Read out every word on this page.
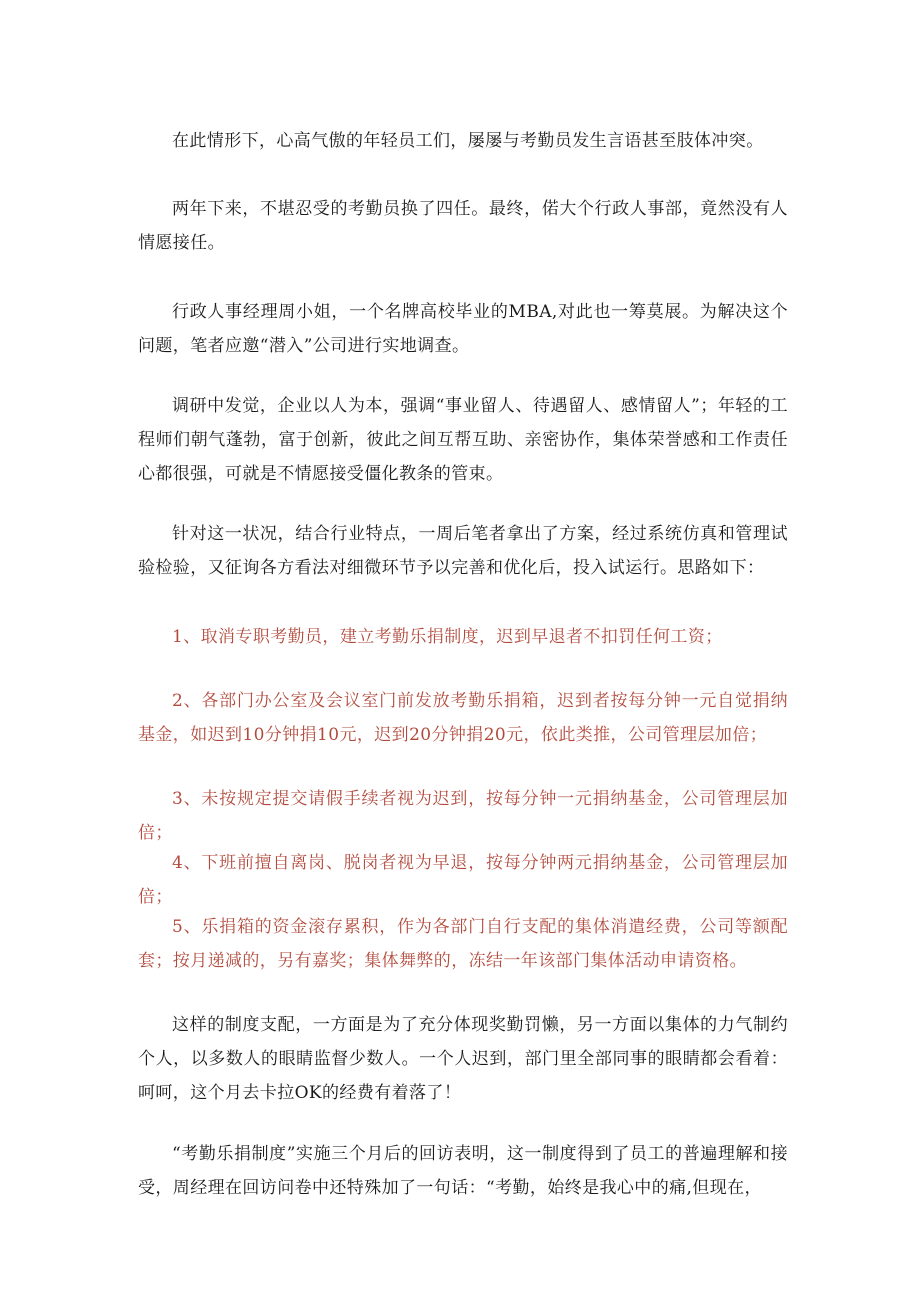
在此情形下，心高气傲的年轻员工们，屡屡与考勤员发生言语甚至肢体冲突。

两年下来，不堪忍受的考勤员换了四任。最终，偌大个行政人事部，竟然没有人情愿接任。

行政人事经理周小姐，一个名牌高校毕业的MBA,对此也一筹莫展。为解决这个问题，笔者应邀“潜入”公司进行实地调查。

调研中发觉，企业以人为本，强调“事业留人、待遇留人、感情留人”；年轻的工程师们朝气蓬勃，富于创新，彼此之间互帮互助、亲密协作，集体荣誉感和工作责任心都很强，可就是不情愿接受僵化教条的管束。

针对这一状况，结合行业特点，一周后笔者拿出了方案，经过系统仿真和管理试验检验，又征询各方看法对细微环节予以完善和优化后，投入试运行。思路如下：

1、取消专职考勤员，建立考勤乐捐制度，迟到早退者不扣罚任何工资；

2、各部门办公室及会议室门前发放考勤乐捐箱，迟到者按每分钟一元自觉捐纳基金，如迟到10分钟捐10元，迟到20分钟捐20元，依此类推，公司管理层加倍；

3、未按规定提交请假手续者视为迟到，按每分钟一元捐纳基金，公司管理层加倍；

4、下班前擅自离岗、脱岗者视为早退，按每分钟两元捐纳基金，公司管理层加倍；

5、乐捐箱的资金滚存累积，作为各部门自行支配的集体消遣经费，公司等额配套；按月递减的，另有嘉奖；集体舞弊的，冻结一年该部门集体活动申请资格。

这样的制度支配，一方面是为了充分体现奖勤罚懒，另一方面以集体的力气制约个人，以多数人的眼睛监督少数人。一个人迟到，部门里全部同事的眼睛都会看着：呵呵，这个月去卡拉OK的经费有着落了！

“考勤乐捐制度”实施三个月后的回访表明，这一制度得到了员工的普遍理解和接受，周经理在回访问卷中还特殊加了一句话：“考勤，始终是我心中的痛,但现在，
